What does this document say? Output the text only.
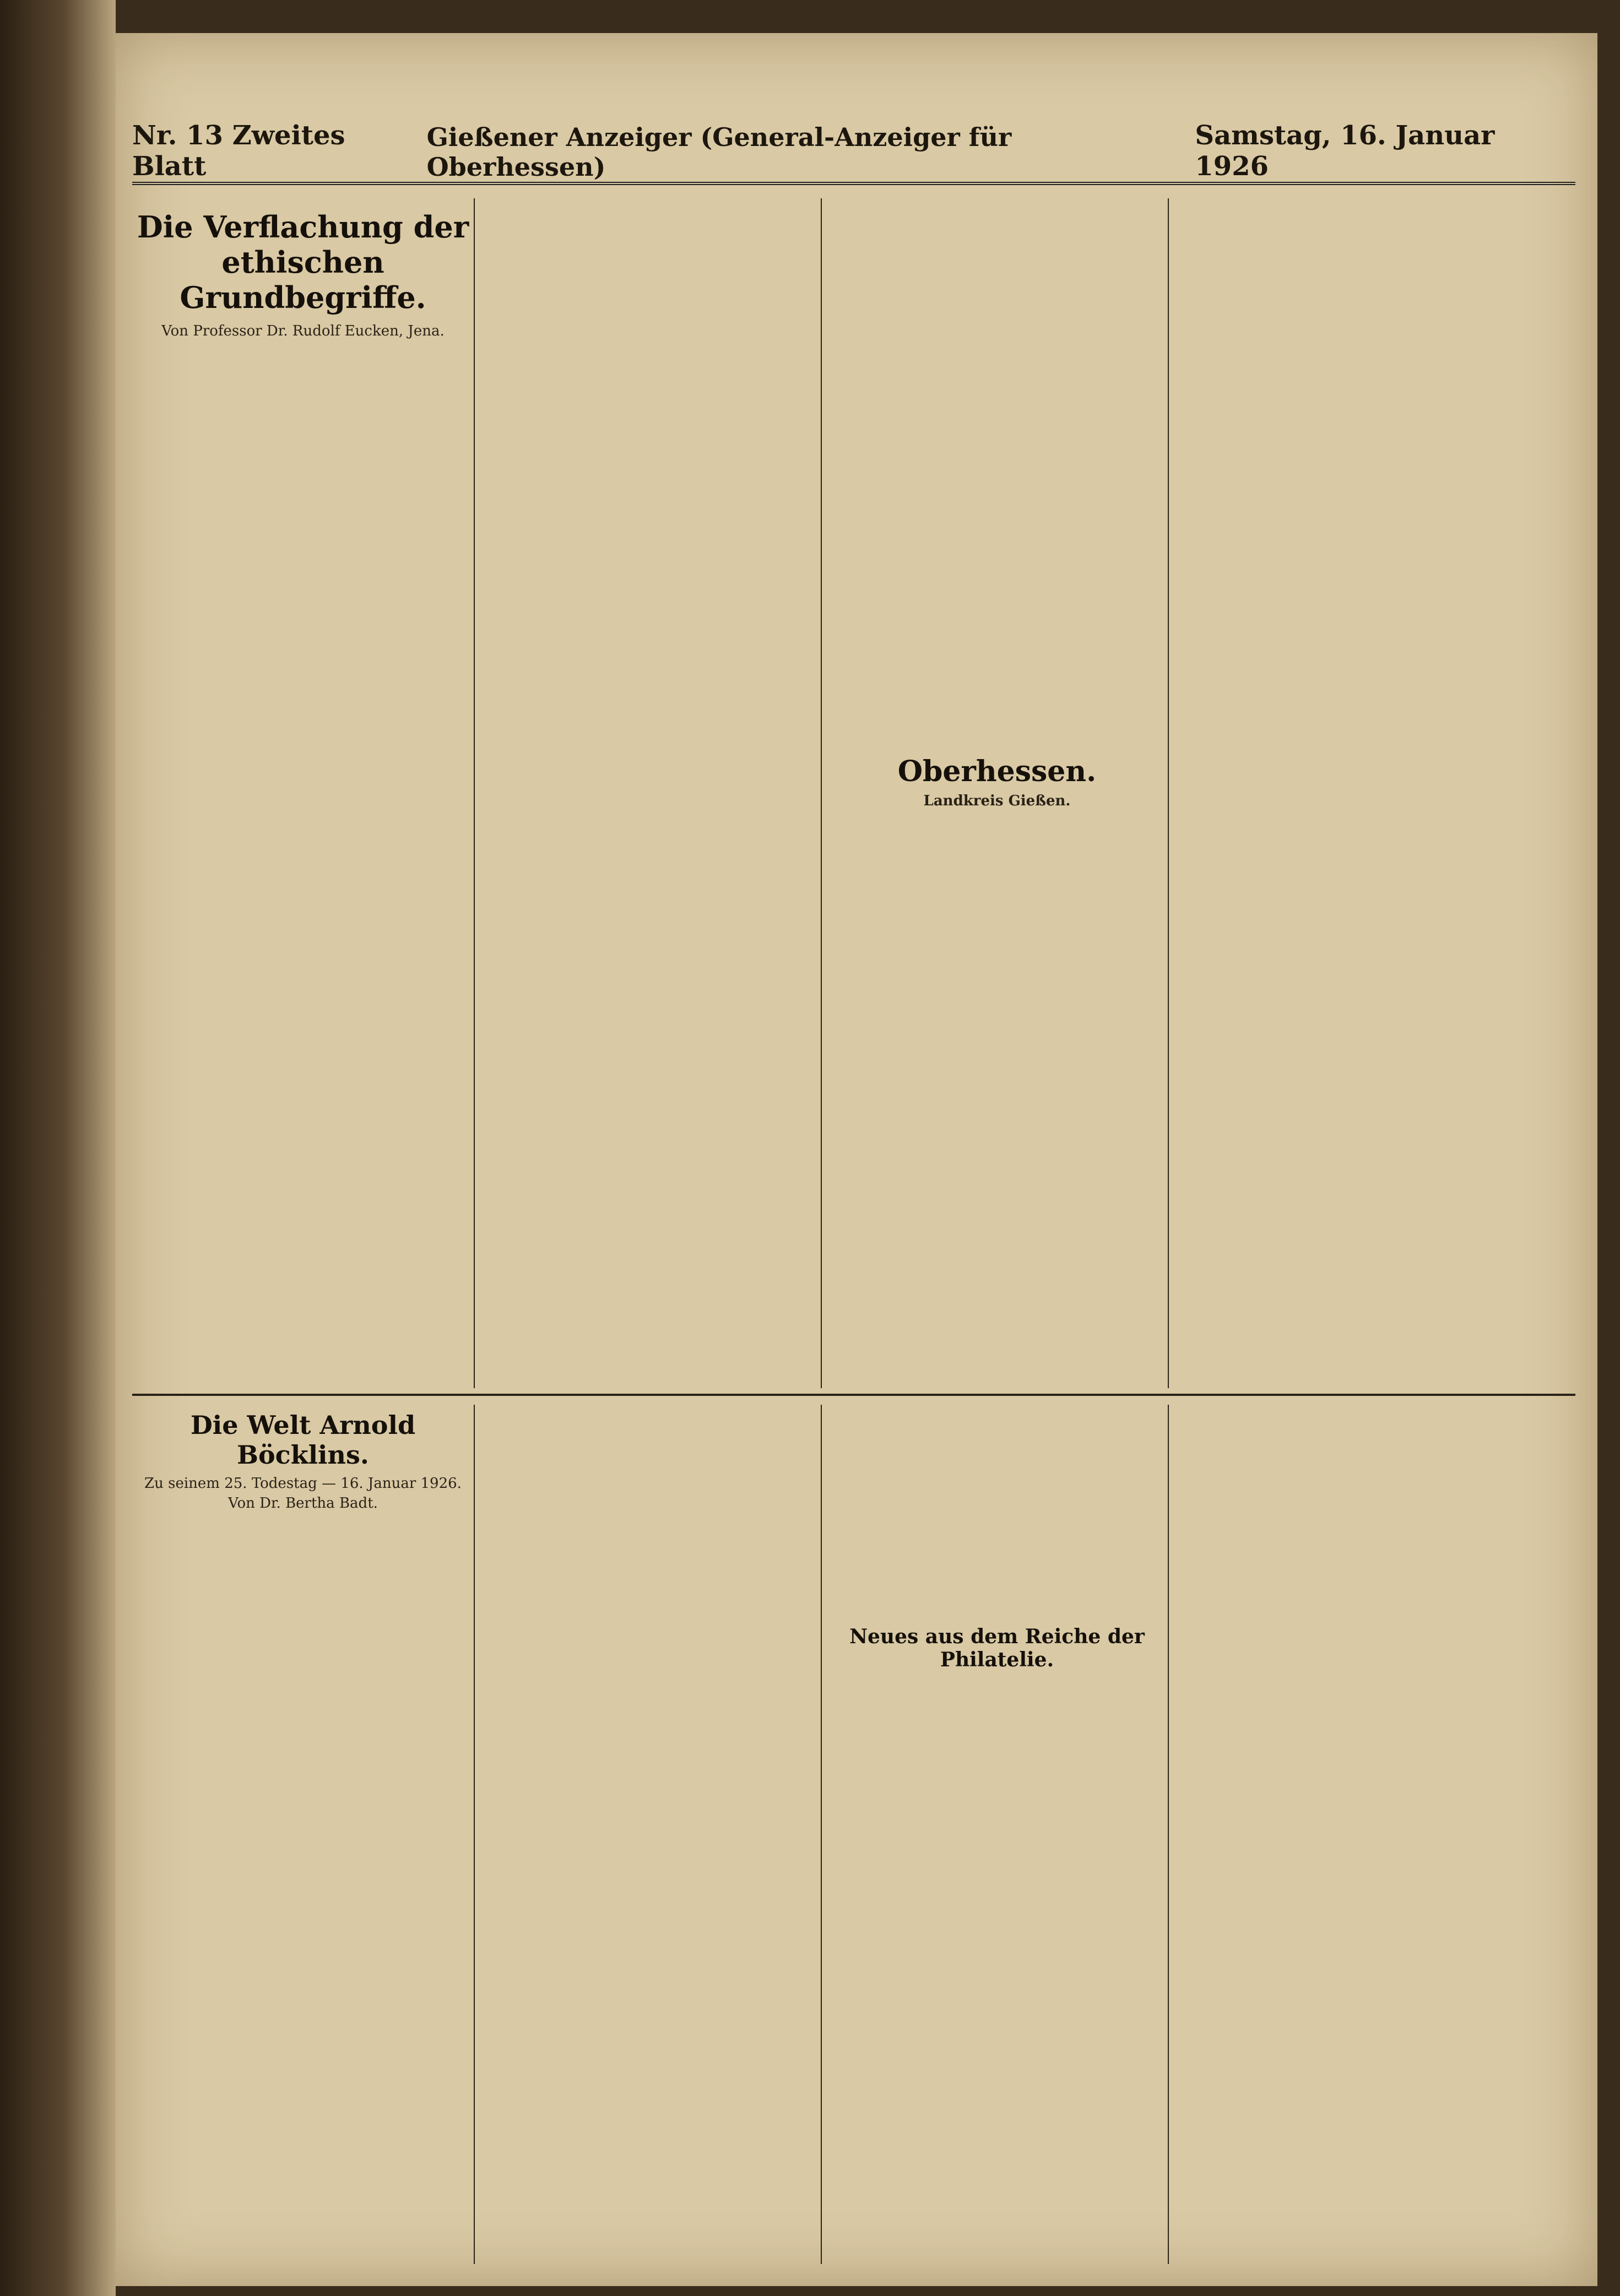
Nr. 13 Zweites Blatt
Gießener Anzeiger (General-Anzeiger für Oberhessen)
Samstag, 16. Januar 1926
Die Verflachung der
ethischen Grundbegriffe.
Von Professor Dr. Rudolf Eucken, Jena.
Oberhessen.
Landkreis Gießen.
Die Welt Arnold Böcklins.
Zu seinem 25. Todestag — 16. Januar 1926.
Von Dr. Bertha Badt.
Neues aus dem Reiche der
Philatelie.
